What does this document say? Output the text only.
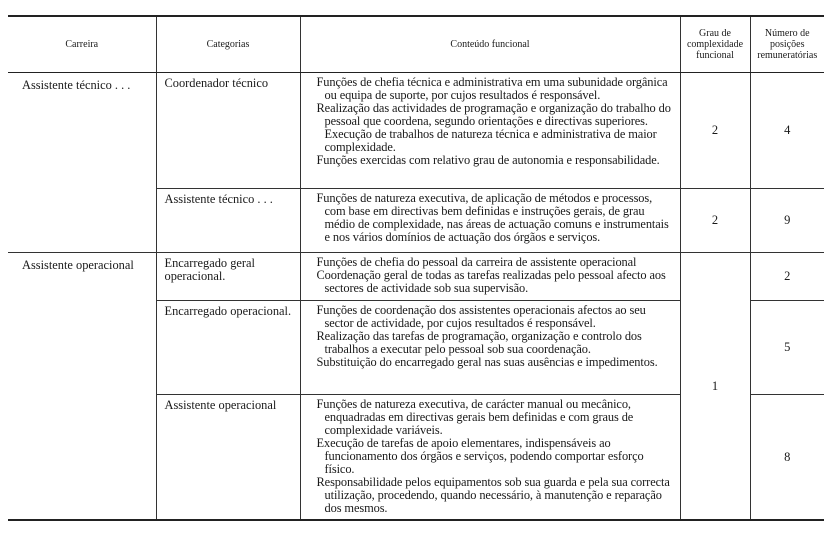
Carreira	Categorias	Conteúdo funcional	Grau de complexidade funcional	Número de posições remuneratórias
Assistente técnico . . .	Coordenador técnico	Funções de chefia técnica e administrativa em uma subunidade orgânica ou equipa de suporte, por cujos resultados é responsável.

Realização das actividades de programação e organização do trabalho do pessoal que coordena, segundo orientações e directivas superiores. Execução de trabalhos de natureza técnica e administrativa de maior complexidade.

Funções exercidas com relativo grau de autonomia e responsabilidade.	2	4
	Assistente técnico . . .	Funções de natureza executiva, de aplicação de métodos e processos, com base em directivas bem definidas e instruções gerais, de grau médio de complexidade, nas áreas de actuação comuns e instrumentais e nos vários domínios de actuação dos órgãos e serviços.	2	9
Assistente operacional	Encarregado geral operacional.	Funções de chefia do pessoal da carreira de assistente operacional

Coordenação geral de todas as tarefas realizadas pelo pessoal afecto aos sectores de actividade sob sua supervisão.	1	2
	Encarregado operacional.	Funções de coordenação dos assistentes operacionais afectos ao seu sector de actividade, por cujos resultados é responsável.

Realização das tarefas de programação, organização e controlo dos trabalhos a executar pelo pessoal sob sua coordenação.

Substituição do encarregado geral nas suas ausências e impedimentos.		5
	Assistente operacional	Funções de natureza executiva, de carácter manual ou mecânico, enquadradas em directivas gerais bem definidas e com graus de complexidade variáveis.

Execução de tarefas de apoio elementares, indispensáveis ao funcionamento dos órgãos e serviços, podendo comportar esforço físico.

Responsabilidade pelos equipamentos sob sua guarda e pela sua correcta utilização, procedendo, quando necessário, à manutenção e reparação dos mesmos.		8
